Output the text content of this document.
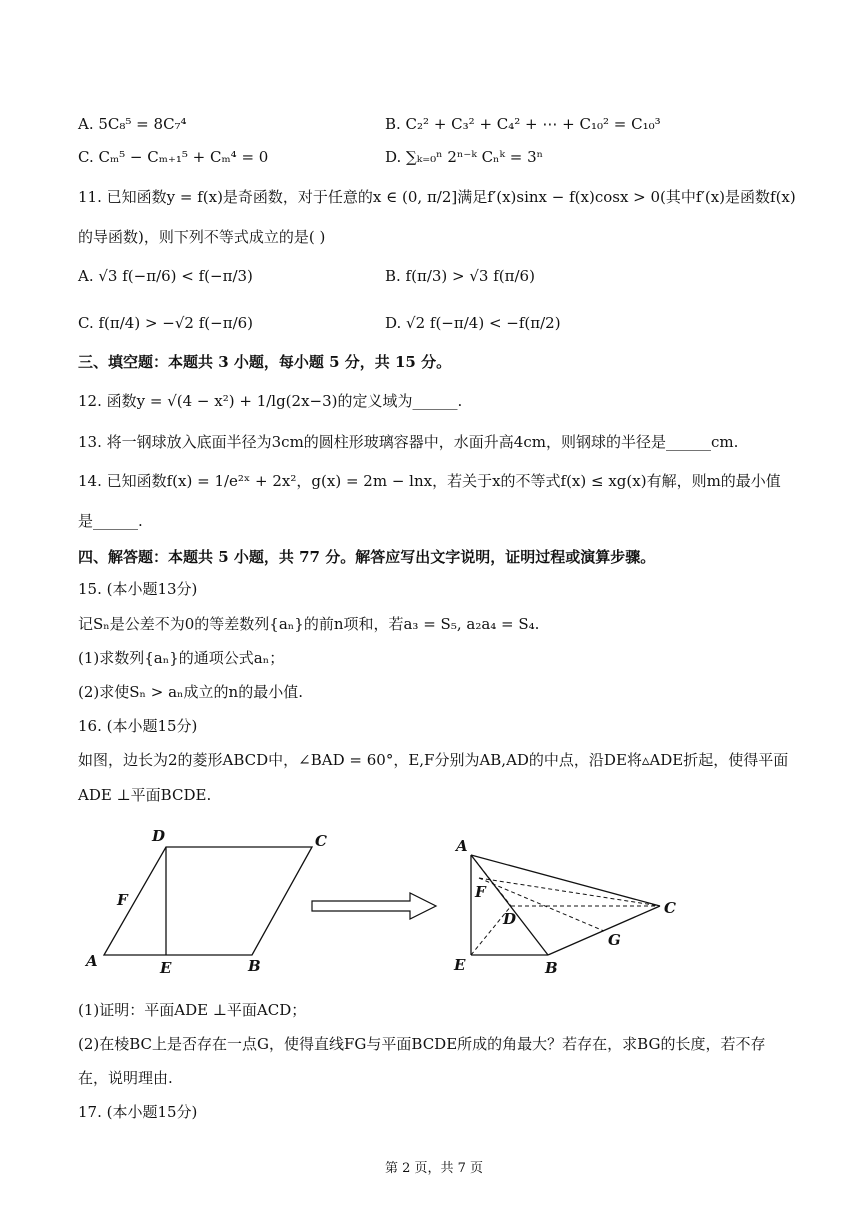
A. 5C₈⁵ = 8C₇⁴	B. C₂² + C₃² + C₄² + ⋯ + C₁₀² = C₁₀³
C. Cₘ⁵ − Cₘ₊₁⁵ + Cₘ⁴ = 0	D. ∑ₖ₌₀ⁿ 2ⁿ⁻ᵏ Cₙᵏ = 3ⁿ
11. 已知函数y = f(x)是奇函数，对于任意的x ∈ (0, π/2]满足f′(x)sinx − f(x)cosx > 0(其中f′(x)是函数f(x)
的导函数)，则下列不等式成立的是( )
A. √3 f(−π/6) < f(−π/3)	B. f(π/3) > √3 f(π/6)
C. f(π/4) > −√2 f(−π/6)	D. √2 f(−π/4) < −f(π/2)
三、填空题：本题共 3 小题，每小题 5 分，共 15 分。
12. 函数y = √(4 − x²) + 1/lg(2x−3)的定义域为______.
13. 将一钢球放入底面半径为3cm的圆柱形玻璃容器中，水面升高4cm，则钢球的半径是______cm.
14. 已知函数f(x) = 1/e²ˣ + 2x²，g(x) = 2m − lnx，若关于x的不等式f(x) ≤ xg(x)有解，则m的最小值
是______.
四、解答题：本题共 5 小题，共 77 分。解答应写出文字说明，证明过程或演算步骤。
15. (本小题13分)
记Sₙ是公差不为0的等差数列{aₙ}的前n项和，若a₃ = S₅, a₂a₄ = S₄.
(1)求数列{aₙ}的通项公式aₙ；
(2)求使Sₙ > aₙ成立的n的最小值.
16. (本小题15分)
如图，边长为2的菱形ABCD中，∠BAD = 60°，E,F分别为AB,AD的中点，沿DE将▵ADE折起，使得平面
ADE ⊥平面BCDE.
D	C
F
A	E	B
A
F
D
C
G
E	B
(1)证明：平面ADE ⊥平面ACD；
(2)在棱BC上是否存在一点G，使得直线FG与平面BCDE所成的角最大？若存在，求BG的长度，若不存
在，说明理由.
17. (本小题15分)
第 2 页，共 7 页
